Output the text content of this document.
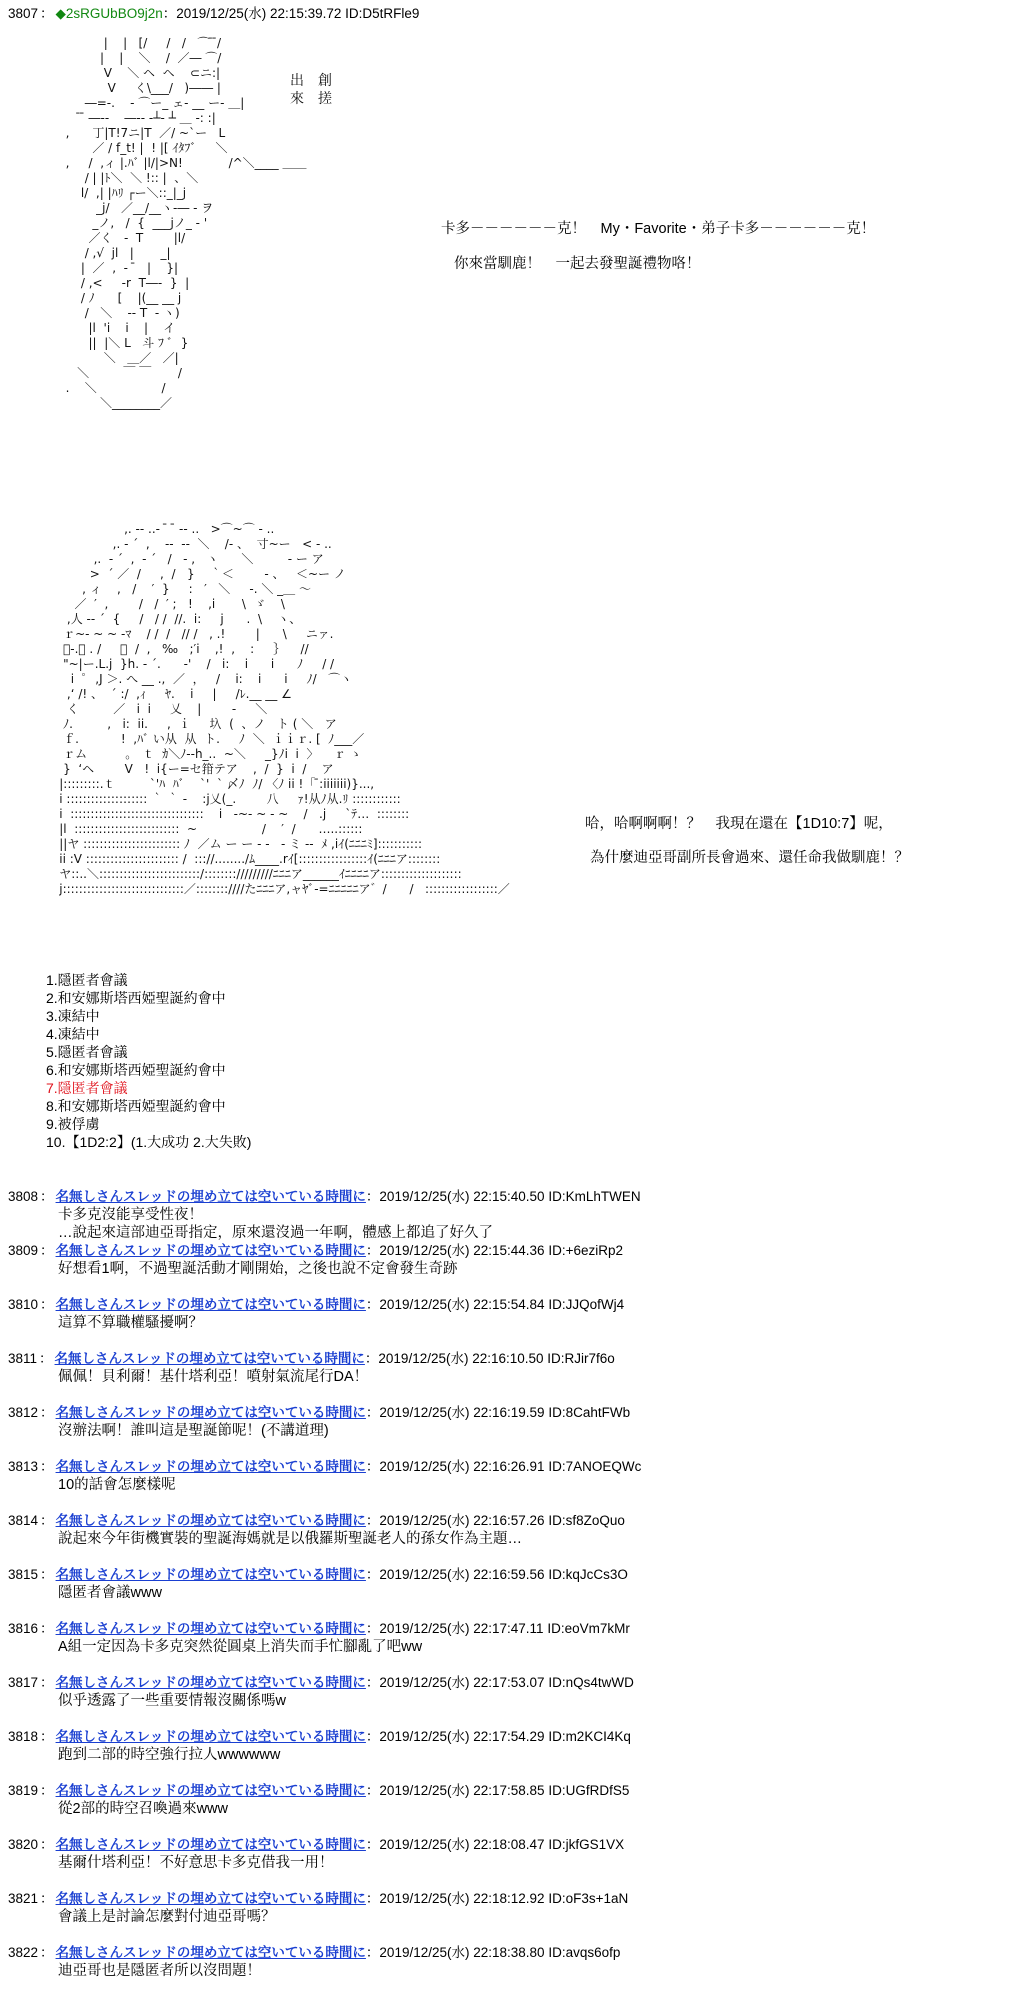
3807 ： ◆2sRGUbBO9j2n：2019/12/25(水) 22:15:39.72 ID:D5tRFle9
|    |   [/     /   /   ⌒ ̄ ̄/
|    |    ＼    /  ／― ⌒/
V    ＼ ヘ  ヘ    ⊂ニ:|
V     く\___/   )―― |
―=-.    ‐ ⌒ー_ ェ‐ __ ー‐ ＿|
̄ ̄ ―‐-    ―-- ‐┴- ┴ ＿ ‐: :|
,      丁|T!7ニ|T  ／/ ~`ー   L
／ / f_t! |  ! |[ ｲﾀﾌﾞ     ＼
,     /  ,ィ |.ﾊﾞ |l/|>N!            /^＼____ ＿＿
/ | |ﾄ＼  ＼ !:: |  、＼
l/  ,| |ﾊﾘ ┌ー＼::_|_j
_j/   ／__/__ヽ-― ‐ ヲ
_ノ,   /  {  ___jノ_ ‐ '
／く   ‐  T        |l/
/ ,√  jl   |       _|
|  ／  ,  ‐  ̄   |    }|
/ ,<     ‐r  T―‐  }  |
/ ﾉ      [    |(__ __ j
/   ＼    -‐ T  ‐ ヽ)
|l  'i    i    |    イ
||  |＼ L   斗 ﾌ ﾞ  }
＼   ＿／   ／|
＼         ￣ ￣       /
.    ＼                 /
＼________／
出　創
來　搓
卡多－－－－－－克！　My・Favorite・弟子卡多－－－－－－克！
你來當馴鹿！　一起去發聖誕禮物咯！
,. -‐ ..‐  ̄  ̄ ‐- ..   >⌒~⌒ ‐ ..
,. ‐ ´  ,    -‐  ‐-  ＼    /‐ 、  寸~ー   < ‐ ..
,.  ‐ ´  ,  ‐ ´   /   ‐ ,   ヽ      ＼         ‐ ー ア
>  ´ ／  /     ,  /   }    ｀＜        ‐ 、   ＜~ー ノ
, ィ    ,   /    ′  }     :   ′   ＼     ‐. ＼ _＿ ～
／  ′  ,        /   /  ′ ;   !    ,i       \  ゞ    \
,人 ‐‐ ´  {     /   / /  //.  i:     j      .  \    ヽ、
ｒ~‐ ~ ~ -ﾏ    / /  /   // /   ‚ .!        |      \     ニァ.
ﾞ‐.､ . /     ／  /  ,   ‰   ;′i    ,!  ‚    :     ｝    //
"~|ー.L.j  }h. ‐ ´.      ‐'    /   i:    i      i      ﾉ     / /
i  ﾟ  ,J ＞. へ __ .,  ／  ，   /    i:    i      i     ﾉ/   ⌒ヽ
,‘ /! 、  ´ :/  ,ｨ     ﾔ.    i     |     /ﾚ.__ __ ∠
く         ／   i  i     乂    |        ‐     ＼
ﾉ.         ,   i:  ii.     ,  ｉ     圦  (  、ノ   ト ( ＼   ア
ｆ.           !  ,ﾊﾞ い从  从  ト.     ﾉ  ＼  ｉｉｒ. [  ﾉ___／
ｒム          ｡   ｔ  ｶ＼ﾉ‐‐h_..  ~＼     _}ﾉi  i  〉    ｒ ゝ
}  ‘ヘ        V   !  i{ー=セ箝テア    ,  /  }  i  /    ア
|:::::::::.ｔ         `'ﾊ  ﾊﾞ    `'  ` 〆ﾉ  ﾉ/ 〈ﾉ ii !「 ̄:iiiiiii)}...,
i :::::::::::::::::::: ｀ ｀ ‐    :j乂(_.        八     ｧ!从ﾉ从.ﾘ ::::::::::::
i  :::::::::::::::::::::::::::::::::    i   ‐~‐ ~ ‐ ~    /   .j     `ﾃ…  ::::::::
|l  ::::::::::::::::::::::::::  ~                 /    ′  /      …..::::::
||ヤ :::::::::::::::::::::::: ﾉ  ／ム ー ー ‐ ‐   ‐ ミ ‐‐  ﾒ ,iｲ(ﾆﾆﾆﾐ]:::::::::::
ii :V ::::::::::::::::::::::: /  ::://......../ﾑ____.rｲ[:::::::::::::::::ｲ(ﾆﾆﾆア::::::::
ヤ::..＼:::::::::::::::::::::::::/:::::::://///////ﾆﾆﾆア______ｲﾆﾆﾆﾆア::::::::::::::::::::
j::::::::::::::::::::::::::::::／::::::::////たﾆﾆﾆア,ャﾔﾞ-=ﾆﾆﾆﾆﾆア゛/      /   ::::::::::::::::::／
哈，哈啊啊啊！？　我現在還在【1D10:7】呢，
為什麼迪亞哥副所長會過來、還任命我做馴鹿！？
1.隱匿者會議
2.和安娜斯塔西婭聖誕約會中
3.凍結中
4.凍結中
5.隱匿者會議
6.和安娜斯塔西婭聖誕約會中
7.隱匿者會議
8.和安娜斯塔西婭聖誕約會中
9.被俘虜
10.【1D2:2】(1.大成功 2.大失敗)
3808 ： 名無しさんスレッドの埋め立ては空いている時間に：2019/12/25(水) 22:15:40.50 ID:KmLhTWEN
卡多克沒能享受性夜！
…說起來這部迪亞哥指定，原來還沒過一年啊，體感上都追了好久了
3809 ： 名無しさんスレッドの埋め立ては空いている時間に：2019/12/25(水) 22:15:44.36 ID:+6eziRp2
好想看1啊，不過聖誕活動才剛開始，之後也說不定會發生奇跡
3810 ： 名無しさんスレッドの埋め立ては空いている時間に：2019/12/25(水) 22:15:54.84 ID:JJQofWj4
這算不算職權騷擾啊？
3811 ： 名無しさんスレッドの埋め立ては空いている時間に：2019/12/25(水) 22:16:10.50 ID:RJir7f6o
佩佩！貝利爾！基什塔利亞！噴射氣流尾行DA！
3812 ： 名無しさんスレッドの埋め立ては空いている時間に：2019/12/25(水) 22:16:19.59 ID:8CahtFWb
沒辦法啊！誰叫這是聖誕節呢！(不講道理)
3813 ： 名無しさんスレッドの埋め立ては空いている時間に：2019/12/25(水) 22:16:26.91 ID:7ANOEQWc
10的話會怎麼樣呢
3814 ： 名無しさんスレッドの埋め立ては空いている時間に：2019/12/25(水) 22:16:57.26 ID:sf8ZoQuo
說起來今年街機實裝的聖誕海媽就是以俄羅斯聖誕老人的孫女作為主題…
3815 ： 名無しさんスレッドの埋め立ては空いている時間に：2019/12/25(水) 22:16:59.56 ID:kqJcCs3O
隱匿者會議www
3816 ： 名無しさんスレッドの埋め立ては空いている時間に：2019/12/25(水) 22:17:47.11 ID:eoVm7kMr
A組一定因為卡多克突然從圓桌上消失而手忙腳亂了吧ww
3817 ： 名無しさんスレッドの埋め立ては空いている時間に：2019/12/25(水) 22:17:53.07 ID:nQs4twWD
似乎透露了一些重要情報沒關係嗎w
3818 ： 名無しさんスレッドの埋め立ては空いている時間に：2019/12/25(水) 22:17:54.29 ID:m2KCI4Kq
跑到二部的時空強行拉人wwwwww
3819 ： 名無しさんスレッドの埋め立ては空いている時間に：2019/12/25(水) 22:17:58.85 ID:UGfRDfS5
從2部的時空召喚過來www
3820 ： 名無しさんスレッドの埋め立ては空いている時間に：2019/12/25(水) 22:18:08.47 ID:jkfGS1VX
基爾什塔利亞！不好意思卡多克借我一用！
3821 ： 名無しさんスレッドの埋め立ては空いている時間に：2019/12/25(水) 22:18:12.92 ID:oF3s+1aN
會議上是討論怎麼對付迪亞哥嗎？
3822 ： 名無しさんスレッドの埋め立ては空いている時間に：2019/12/25(水) 22:18:38.80 ID:avqs6ofp
迪亞哥也是隱匿者所以沒問題！
